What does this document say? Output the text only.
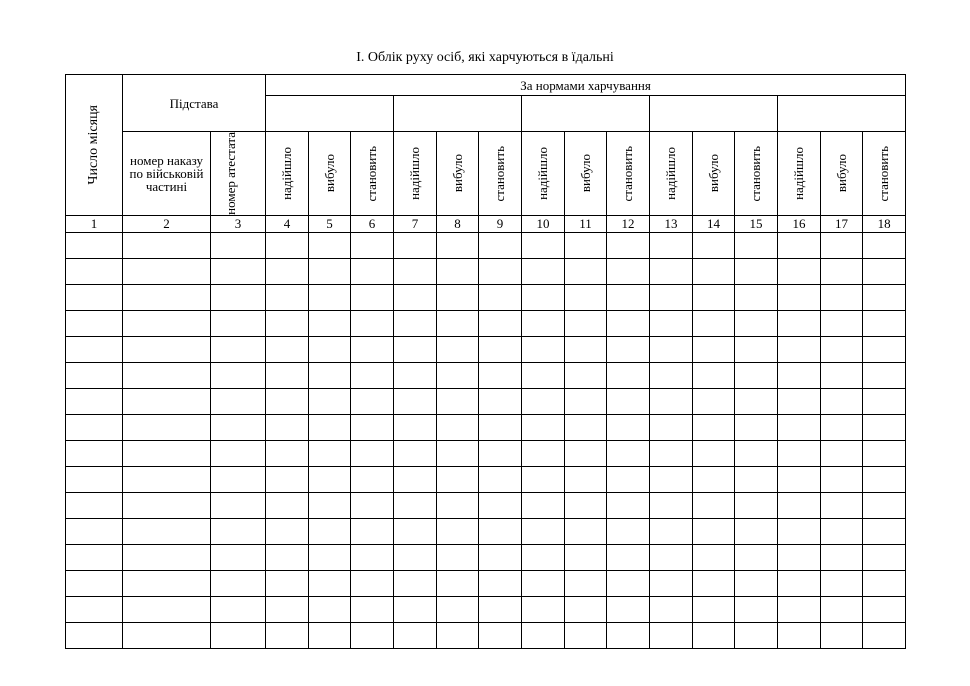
І. Облік руху осіб, які харчуються в їдальні
Число місяця	Підстава		За нормами харчування														

	номер наказу по військовій частині	номер атестата	надійшло	вибуло	становить	надійшло	вибуло	становить	надійшло	вибуло	становить	надійшло	вибуло	становить	надійшло	вибуло	становить

1	2	3	4	5	6	7	8	9	10	11	12	13	14	15	16	17	18
